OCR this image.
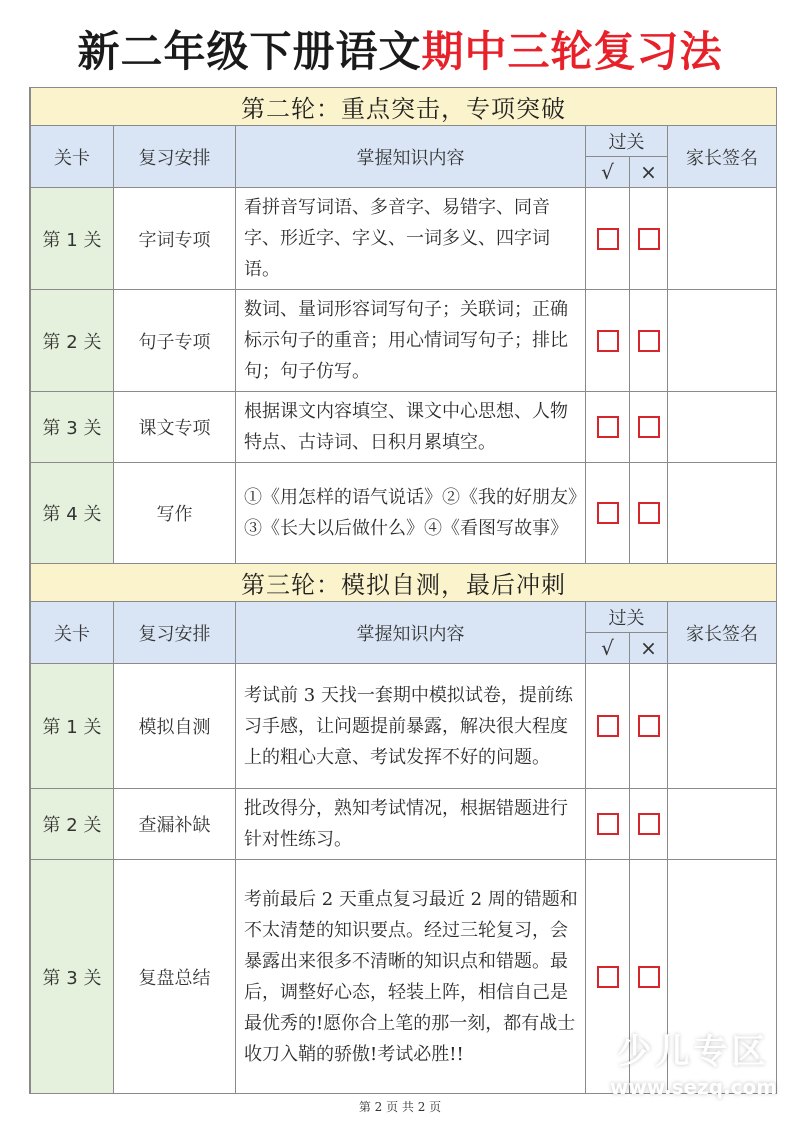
新二年级下册语文期中三轮复习法
第二轮：重点突击，专项突破					
关卡	复习安排	掌握知识内容	过关		家长签名
			√	×	
第 1 关	字词专项	看拼音写词语、多音字、易错字、同音字、形近字、字义、一词多义、四字词语。			
第 2 关	句子专项	数词、量词形容词写句子；关联词；正确标示句子的重音；用心情词写句子；排比句；句子仿写。			
第 3 关	课文专项	根据课文内容填空、课文中心思想、人物特点、古诗词、日积月累填空。			
第 4 关	写作	①《用怎样的语气说话》②《我的好朋友》③《长大以后做什么》④《看图写故事》			
第三轮：模拟自测，最后冲刺					
关卡	复习安排	掌握知识内容	过关		家长签名
			√	×	
第 1 关	模拟自测	考试前 3 天找一套期中模拟试卷，提前练习手感，让问题提前暴露，解决很大程度上的粗心大意、考试发挥不好的问题。			
第 2 关	查漏补缺	批改得分，熟知考试情况，根据错题进行针对性练习。			
第 3 关	复盘总结	考前最后 2 天重点复习最近 2 周的错题和不太清楚的知识要点。经过三轮复习，会暴露出来很多不清晰的知识点和错题。最后，调整好心态，轻装上阵，相信自己是最优秀的!愿你合上笔的那一刻，都有战士收刀入鞘的骄傲!考试必胜!!			
第 2 页 共 2 页
少儿专区
www.sezq.com
